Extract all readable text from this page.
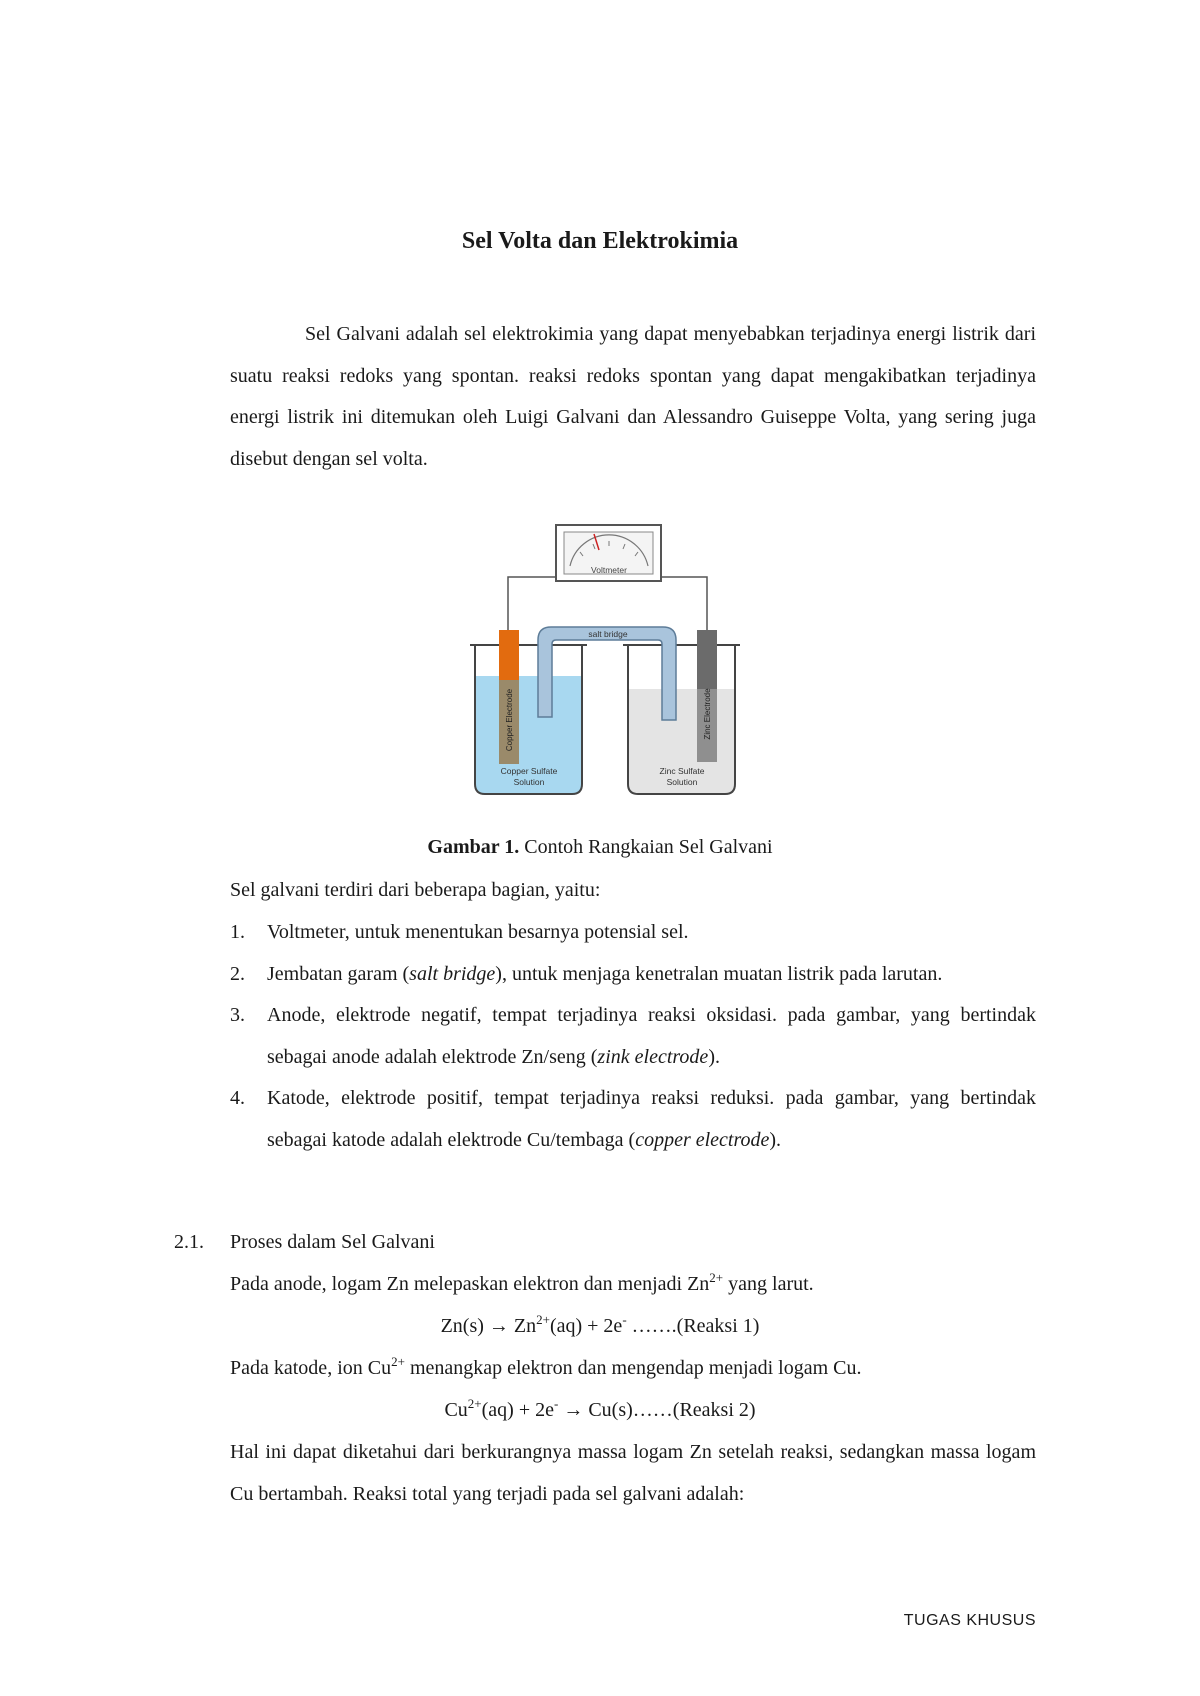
Sel Volta dan Elektrokimia
Sel Galvani adalah sel elektrokimia yang dapat menyebabkan terjadinya energi listrik dari suatu reaksi redoks yang spontan. reaksi redoks spontan yang dapat mengakibatkan terjadinya energi listrik ini ditemukan oleh Luigi Galvani dan Alessandro Guiseppe Volta, yang sering juga disebut dengan sel volta.
Voltmeter
salt bridge
Copper Electrode	Zinc Electrode
Copper Sulfate
Solution
Zinc Sulfate
Solution
Gambar 1. Contoh Rangkaian Sel Galvani
Sel galvani terdiri dari beberapa bagian, yaitu:
1.	Voltmeter, untuk menentukan besarnya potensial sel.
2.	Jembatan garam (salt bridge), untuk menjaga kenetralan muatan listrik pada larutan.
3.	Anode, elektrode negatif, tempat terjadinya reaksi oksidasi. pada gambar, yang bertindak sebagai anode adalah elektrode Zn/seng (zink electrode).
4.	Katode, elektrode positif, tempat terjadinya reaksi reduksi. pada gambar, yang bertindak sebagai katode adalah elektrode Cu/tembaga (copper electrode).
2.1. Proses dalam Sel Galvani
Pada anode, logam Zn melepaskan elektron dan menjadi $Zn^{2+}$ yang larut.
$Zn(s) \to Zn^{2+}(aq) + 2e^-$ …….(Reaksi 1)
Pada katode, ion $Cu^{2+}$ menangkap elektron dan mengendap menjadi logam Cu.
$Cu^{2+}(aq) + 2e^-$ → Cu(s)……(Reaksi 2)
Hal ini dapat diketahui dari berkurangnya massa logam Zn setelah reaksi, sedangkan massa logam Cu bertambah. Reaksi total yang terjadi pada sel galvani adalah:
TUGAS KHUSUS
